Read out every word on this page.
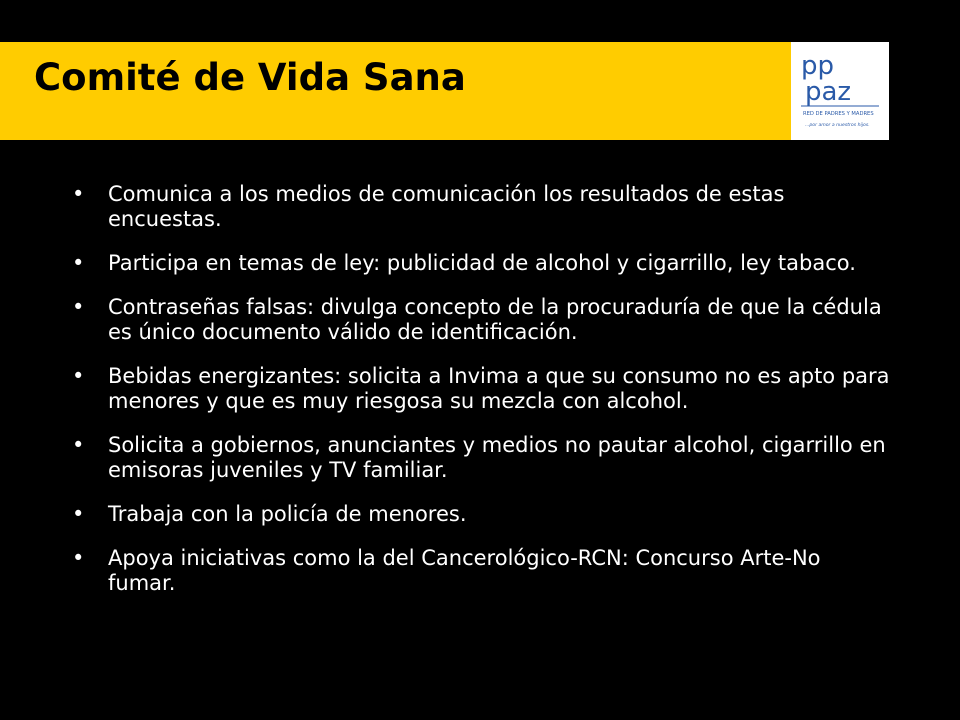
Comité de Vida Sana	pp
paz
RED DE PADRES Y MADRES
...por amor a nuestros hijos.
• Comunica a los medios de comunicación los resultados de estas encuestas.
• Participa en temas de ley: publicidad de alcohol y cigarrillo, ley tabaco.
• Contraseñas falsas: divulga concepto de la procuraduría de que la cédula es único documento válido de identificación.
• Bebidas energizantes: solicita a Invima a que su consumo no es apto para menores y que es muy riesgosa su mezcla con alcohol.
• Solicita a gobiernos, anunciantes y medios no pautar alcohol, cigarrillo en emisoras juveniles y TV familiar.
• Trabaja con la policía de menores.
• Apoya iniciativas como la del Cancerológico-RCN: Concurso Arte-No fumar.
